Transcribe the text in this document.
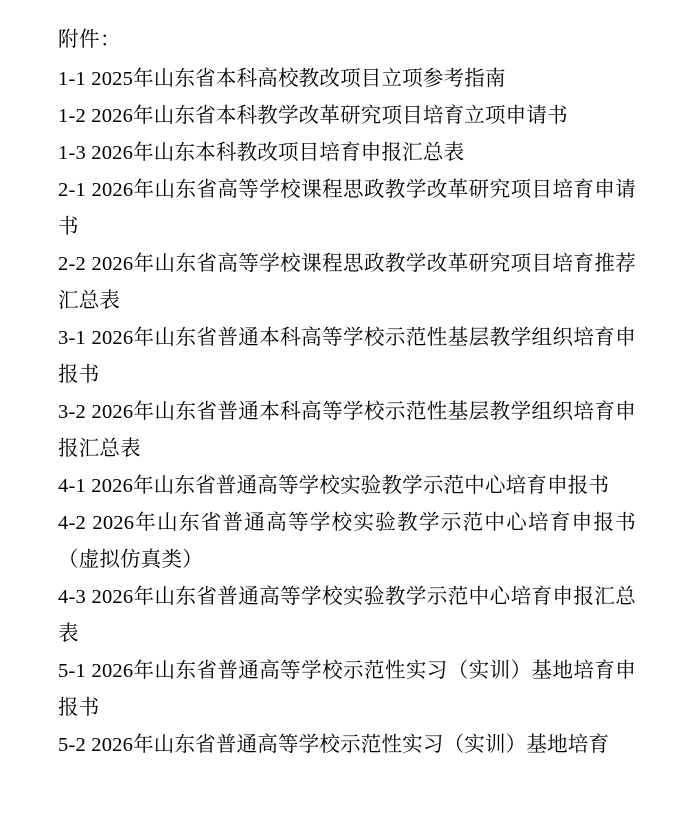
附件：
1-1 2025年山东省本科高校教改项目立项参考指南
1-2 2026年山东省本科教学改革研究项目培育立项申请书
1-3 2026年山东本科教改项目培育申报汇总表
2-1 2026年山东省高等学校课程思政教学改革研究项目培育申请书
2-2 2026年山东省高等学校课程思政教学改革研究项目培育推荐汇总表
3-1 2026年山东省普通本科高等学校示范性基层教学组织培育申报书
3-2 2026年山东省普通本科高等学校示范性基层教学组织培育申报汇总表
4-1 2026年山东省普通高等学校实验教学示范中心培育申报书
4-2 2026年山东省普通高等学校实验教学示范中心培育申报书（虚拟仿真类）
4-3 2026年山东省普通高等学校实验教学示范中心培育申报汇总表
5-1 2026年山东省普通高等学校示范性实习（实训）基地培育申报书
5-2 2026年山东省普通高等学校示范性实习（实训）基地培育
